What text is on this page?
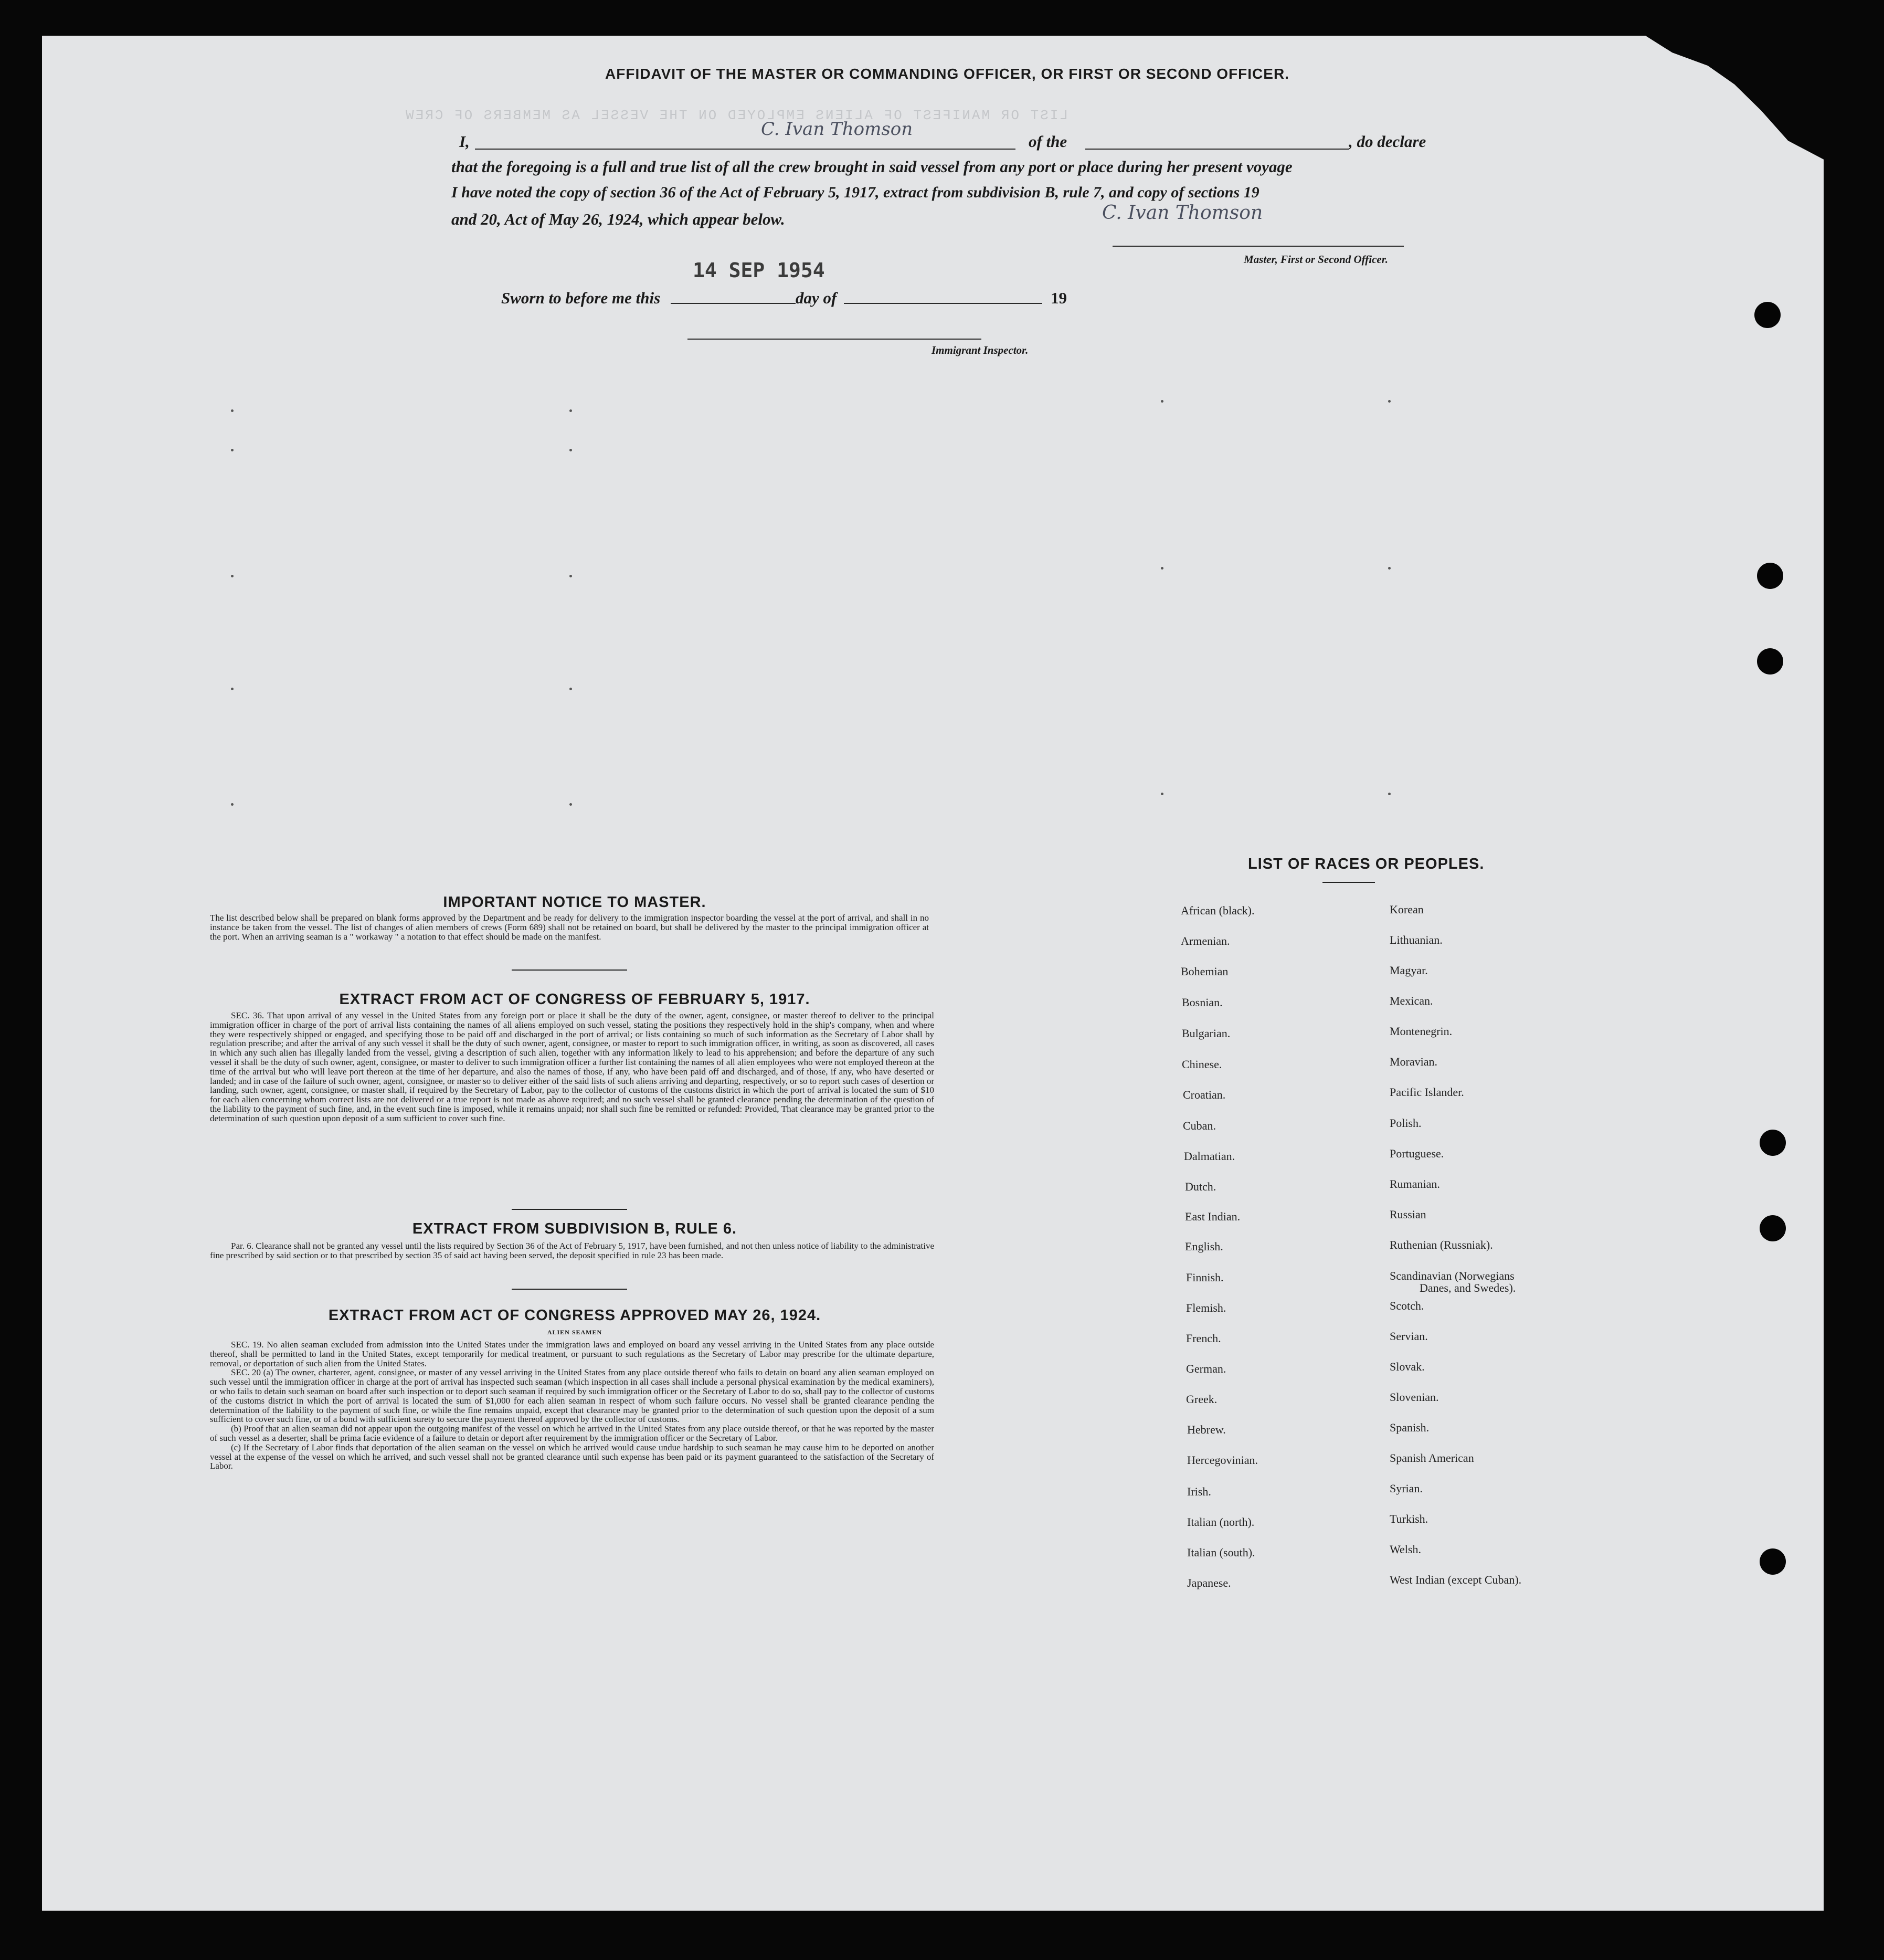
LIST OR MANIFEST OF ALIENS EMPLOYED ON THE VESSEL AS MEMBERS OF CREW
AFFIDAVIT OF THE MASTER OR COMMANDING OFFICER, OR FIRST OR SECOND OFFICER.
I,
C. Ivan Thomson
of the	, do declare
that the foregoing is a full and true list of all the crew brought in said vessel from any port or place during her present voyage
I have noted the copy of section 36 of the Act of February 5, 1917, extract from subdivision B, rule 7, and copy of sections 19
and 20, Act of May 26, 1924, which appear below.	C. Ivan Thomson
Master, First or Second Officer.
14 SEP 1954
Sworn to before me this	day of	19
Immigrant Inspector.
IMPORTANT NOTICE TO MASTER.
The list described below shall be prepared on blank forms approved by the Department and be ready for delivery to the immigration inspector boarding the vessel at the port of arrival, and shall in no instance be taken from the vessel. The list of changes of alien members of crews (Form 689) shall not be retained on board, but shall be delivered by the master to the principal immigration officer at the port. When an arriving seaman is a " workaway " a notation to that effect should be made on the manifest.
EXTRACT FROM ACT OF CONGRESS OF FEBRUARY 5, 1917.
SEC. 36. That upon arrival of any vessel in the United States from any foreign port or place it shall be the duty of the owner, agent, consignee, or master thereof to deliver to the principal immigration officer in charge of the port of arrival lists containing the names of all aliens employed on such vessel, stating the positions they respectively hold in the ship's company, when and where they were respectively shipped or engaged, and specifying those to be paid off and discharged in the port of arrival; or lists containing so much of such information as the Secretary of Labor shall by regulation prescribe; and after the arrival of any such vessel it shall be the duty of such owner, agent, consignee, or master to report to such immigration officer, in writing, as soon as discovered, all cases in which any such alien has illegally landed from the vessel, giving a description of such alien, together with any information likely to lead to his apprehension; and before the departure of any such vessel it shall be the duty of such owner, agent, consignee, or master to deliver to such immigration officer a further list containing the names of all alien employees who were not employed thereon at the time of the arrival but who will leave port thereon at the time of her departure, and also the names of those, if any, who have been paid off and discharged, and of those, if any, who have deserted or landed; and in case of the failure of such owner, agent, consignee, or master so to deliver either of the said lists of such aliens arriving and departing, respectively, or so to report such cases of desertion or landing, such owner, agent, consignee, or master shall, if required by the Secretary of Labor, pay to the collector of customs of the customs district in which the port of arrival is located the sum of $10 for each alien concerning whom correct lists are not delivered or a true report is not made as above required; and no such vessel shall be granted clearance pending the determination of the question of the liability to the payment of such fine, and, in the event such fine is imposed, while it remains unpaid; nor shall such fine be remitted or refunded: Provided, That clearance may be granted prior to the determination of such question upon deposit of a sum sufficient to cover such fine.
EXTRACT FROM SUBDIVISION B, RULE 6.
Par. 6. Clearance shall not be granted any vessel until the lists required by Section 36 of the Act of February 5, 1917, have been furnished, and not then unless notice of liability to the administrative fine prescribed by said section or to that prescribed by section 35 of said act having been served, the deposit specified in rule 23 has been made.
EXTRACT FROM ACT OF CONGRESS APPROVED MAY 26, 1924.
ALIEN SEAMEN

SEC. 19. No alien seaman excluded from admission into the United States under the immigration laws and employed on board any vessel arriving in the United States from any place outside thereof, shall be permitted to land in the United States, except temporarily for medical treatment, or pursuant to such regulations as the Secretary of Labor may prescribe for the ultimate departure, removal, or deportation of such alien from the United States.

SEC. 20 (a) The owner, charterer, agent, consignee, or master of any vessel arriving in the United States from any place outside thereof who fails to detain on board any alien seaman employed on such vessel until the immigration officer in charge at the port of arrival has inspected such seaman (which inspection in all cases shall include a personal physical examination by the medical examiners), or who fails to detain such seaman on board after such inspection or to deport such seaman if required by such immigration officer or the Secretary of Labor to do so, shall pay to the collector of customs of the customs district in which the port of arrival is located the sum of $1,000 for each alien seaman in respect of whom such failure occurs. No vessel shall be granted clearance pending the determination of the liability to the payment of such fine, or while the fine remains unpaid, except that clearance may be granted prior to the determination of such question upon the deposit of a sum sufficient to cover such fine, or of a bond with sufficient surety to secure the payment thereof approved by the collector of customs.

(b) Proof that an alien seaman did not appear upon the outgoing manifest of the vessel on which he arrived in the United States from any place outside thereof, or that he was reported by the master of such vessel as a deserter, shall be prima facie evidence of a failure to detain or deport after requirement by the immigration officer or the Secretary of Labor.

(c) If the Secretary of Labor finds that deportation of the alien seaman on the vessel on which he arrived would cause undue hardship to such seaman he may cause him to be deported on another vessel at the expense of the vessel on which he arrived, and such vessel shall not be granted clearance until such expense has been paid or its payment guaranteed to the satisfaction of the Secretary of Labor.

LIST OF RACES OR PEOPLES.
African (black).
Armenian.
Bohemian
Bosnian.
Bulgarian.
Chinese.
Croatian.
Cuban.
Dalmatian.
Dutch.
East Indian.
English.
Finnish.
Flemish.
French.
German.
Greek.
Hebrew.
Hercegovinian.
Irish.
Italian (north).
Italian (south).
Japanese.
Korean
Lithuanian.
Magyar.
Mexican.
Montenegrin.
Moravian.
Pacific Islander.
Polish.
Portuguese.
Rumanian.
Russian
Ruthenian (Russniak).
Scandinavian (Norwegians
Danes, and Swedes).
Scotch.
Servian.
Slovak.
Slovenian.
Spanish.
Spanish American
Syrian.
Turkish.
Welsh.
West Indian (except Cuban).
